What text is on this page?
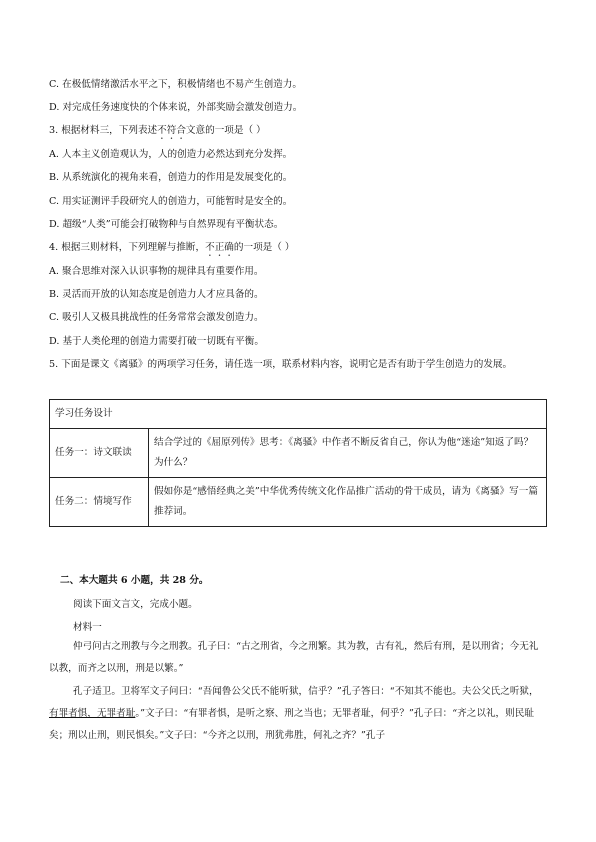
C. 在极低情绪激活水平之下，积极情绪也不易产生创造力。
D. 对完成任务速度快的个体来说，外部奖励会激发创造力。
3. 根据材料三，下列表述不符合文意的一项是（ ）
A. 人本主义创造观认为，人的创造力必然达到充分发挥。
B. 从系统演化的视角来看，创造力的作用是发展变化的。
C. 用实证测评手段研究人的创造力，可能暂时是安全的。
D. 超级“人类”可能会打破物种与自然界现有平衡状态。
4. 根据三则材料，下列理解与推断，不正确的一项是（ ）
A. 聚合思维对深入认识事物的规律具有重要作用。
B. 灵活而开放的认知态度是创造力人才应具备的。
C. 吸引人又极具挑战性的任务常常会激发创造力。
D. 基于人类伦理的创造力需要打破一切既有平衡。
5. 下面是课文《离骚》的两项学习任务，请任选一项，联系材料内容，说明它是否有助于学生创造力的发展。
学习任务设计	
任务一：诗文联读	结合学过的《屈原列传》思考：《离骚》中作者不断反省自己，你认为他“迷途”知返了吗？为什么？
任务二：情境写作	假如你是“感悟经典之美”中华优秀传统文化作品推广活动的骨干成员，请为《离骚》写一篇推荐词。
二、本大题共 6 小题，共 28 分。
阅读下面文言文，完成小题。
材料一
仲弓问古之刑教与今之刑教。孔子曰：“古之刑省，今之刑繁。其为教，古有礼，然后有刑，是以刑省；今无礼以教，而齐之以刑，刑是以繁。”
孔子适卫。卫将军文子问曰：“吾闻鲁公父氏不能听狱，信乎？”孔子答曰：“不知其不能也。夫公父氏之听狱，有罪者惧，无罪者耻。”文子曰：“有罪者惧，是听之察、刑之当也；无罪者耻，何乎？”孔子曰：“齐之以礼，则民耻矣；刑以止刑，则民惧矣。”文子曰：“今齐之以刑，刑犹弗胜，何礼之齐？”孔子
